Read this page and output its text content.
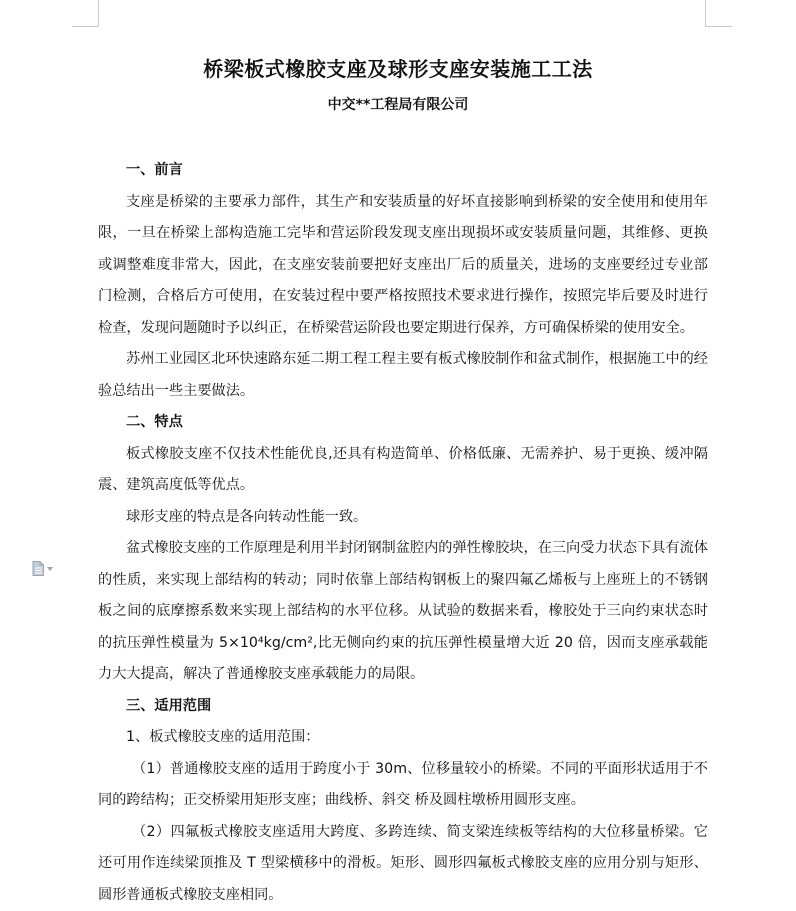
桥梁板式橡胶支座及球形支座安装施工工法
中交**工程局有限公司
一、前言

支座是桥梁的主要承力部件，其生产和安装质量的好坏直接影响到桥梁的安全使用和使用年限，一旦在桥梁上部构造施工完毕和营运阶段发现支座出现损坏或安装质量问题，其维修、更换或调整难度非常大，因此，在支座安装前要把好支座出厂后的质量关，进场的支座要经过专业部门检测，合格后方可使用，在安装过程中要严格按照技术要求进行操作，按照完毕后要及时进行检查，发现问题随时予以纠正，在桥梁营运阶段也要定期进行保养，方可确保桥梁的使用安全。

苏州工业园区北环快速路东延二期工程工程主要有板式橡胶制作和盆式制作，根据施工中的经验总结出一些主要做法。

二、特点

板式橡胶支座不仅技术性能优良,还具有构造简单、价格低廉、无需养护、易于更换、缓冲隔震、建筑高度低等优点。

球形支座的特点是各向转动性能一致。

盆式橡胶支座的工作原理是利用半封闭钢制盆腔内的弹性橡胶块，在三向受力状态下具有流体的性质，来实现上部结构的转动；同时依靠上部结构钢板上的聚四氟乙烯板与上座班上的不锈钢板之间的底摩擦系数来实现上部结构的水平位移。从试验的数据来看，橡胶处于三向约束状态时的抗压弹性模量为 5×10⁴kg/cm²,比无侧向约束的抗压弹性模量增大近 20 倍，因而支座承载能力大大提高，解决了普通橡胶支座承载能力的局限。

三、适用范围

1、板式橡胶支座的适用范围：

（1）普通橡胶支座的适用于跨度小于 30m、位移量较小的桥梁。不同的平面形状适用于不同的跨结构；正交桥梁用矩形支座；曲线桥、斜交 桥及圆柱墩桥用圆形支座。

（2）四氟板式橡胶支座适用大跨度、多跨连续、简支梁连续板等结构的大位移量桥梁。它还可用作连续梁顶推及 T 型梁横移中的滑板。矩形、圆形四氟板式橡胶支座的应用分别与矩形、圆形普通板式橡胶支座相同。
